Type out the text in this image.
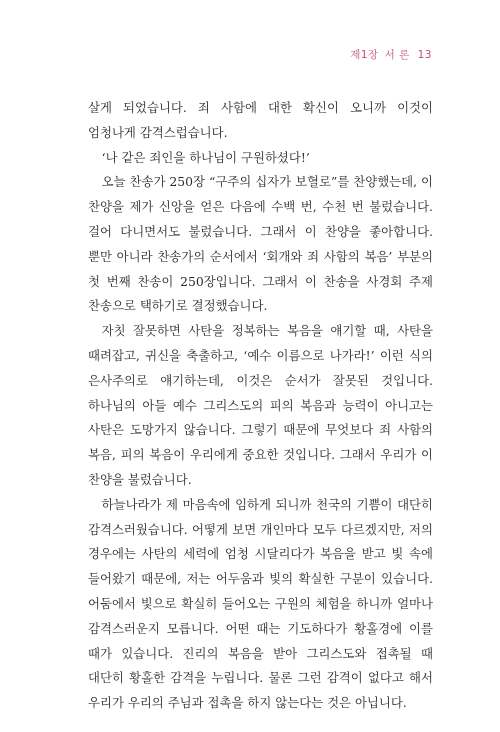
제1장 서 론 13

살게 되었습니다. 죄 사함에 대한 확신이 오니까 이것이 엄청나게 감격스럽습니다.

‘나 같은 죄인을 하나님이 구원하셨다!’

오늘 찬송가 250장 “구주의 십자가 보혈로”를 찬양했는데, 이 찬양을 제가 신앙을 얻은 다음에 수백 번, 수천 번 불렀습니다. 걸어 다니면서도 불렀습니다. 그래서 이 찬양을 좋아합니다. 뿐만 아니라 찬송가의 순서에서 ‘회개와 죄 사함의 복음’ 부분의 첫 번째 찬송이 250장입니다. 그래서 이 찬송을 사경회 주제 찬송으로 택하기로 결정했습니다.

자칫 잘못하면 사탄을 정복하는 복음을 얘기할 때, 사탄을 때려잡고, 귀신을 축출하고, ‘예수 이름으로 나가라!’ 이런 식의 은사주의로 얘기하는데, 이것은 순서가 잘못된 것입니다. 하나님의 아들 예수 그리스도의 피의 복음과 능력이 아니고는 사탄은 도망가지 않습니다. 그렇기 때문에 무엇보다 죄 사함의 복음, 피의 복음이 우리에게 중요한 것입니다. 그래서 우리가 이 찬양을 불렀습니다.

하늘나라가 제 마음속에 임하게 되니까 천국의 기쁨이 대단히 감격스러웠습니다. 어떻게 보면 개인마다 모두 다르겠지만, 저의 경우에는 사탄의 세력에 엄청 시달리다가 복음을 받고 빛 속에 들어왔기 때문에, 저는 어두움과 빛의 확실한 구분이 있습니다. 어둠에서 빛으로 확실히 들어오는 구원의 체험을 하니까 얼마나 감격스러운지 모릅니다. 어떤 때는 기도하다가 황홀경에 이를 때가 있습니다. 진리의 복음을 받아 그리스도와 접촉될 때 대단히 황홀한 감격을 누립니다. 물론 그런 감격이 없다고 해서 우리가 우리의 주님과 접촉을 하지 않는다는 것은 아닙니다.
